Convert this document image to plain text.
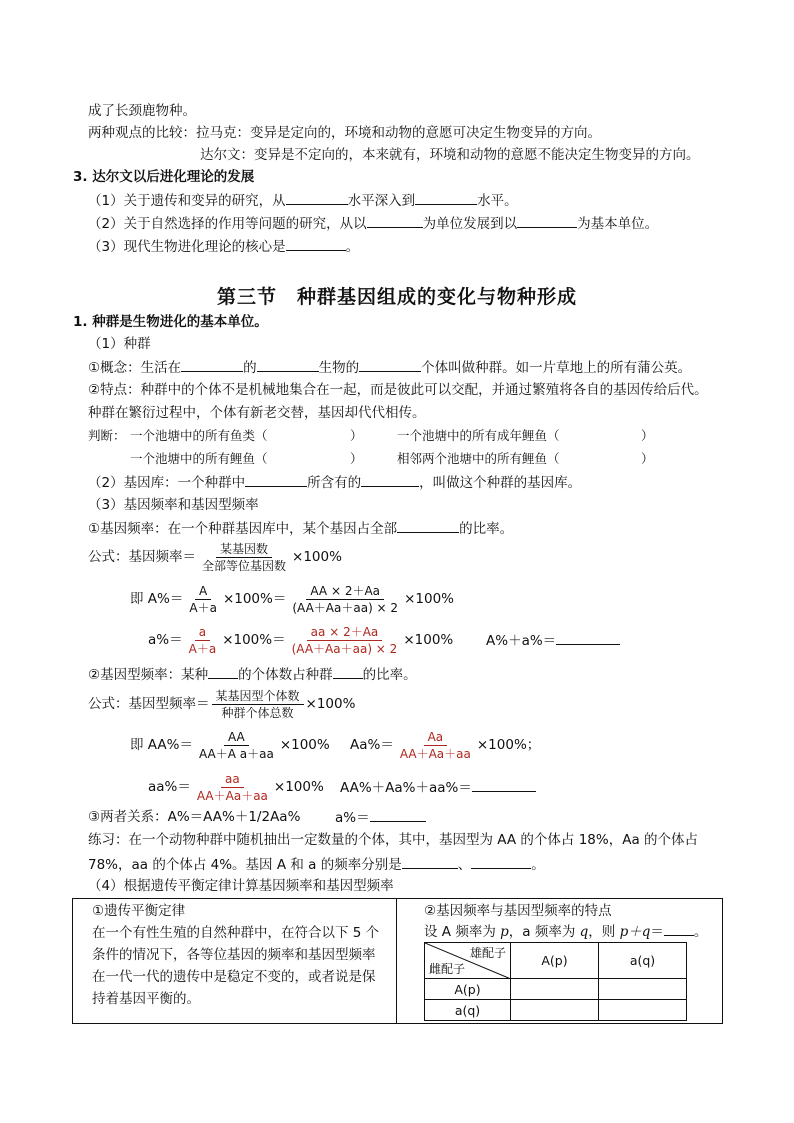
成了长颈鹿物种。
两种观点的比较：拉马克：变异是定向的，环境和动物的意愿可决定生物变异的方向。
达尔文：变异是不定向的，本来就有，环境和动物的意愿不能决定生物变异的方向。
3. 达尔文以后进化理论的发展
（1）关于遗传和变异的研究，从	水平深入到	水平。
（2）关于自然选择的作用等问题的研究，从以	为单位发展到以	为基本单位。
（3）现代生物进化理论的核心是	。
第三节　种群基因组成的变化与物种形成
1. 种群是生物进化的基本单位。
（1）种群
①概念：生活在	的	生物的	个体叫做种群。如一片草地上的所有蒲公英。
②特点：种群中的个体不是机械地集合在一起，而是彼此可以交配，并通过繁殖将各自的基因传给后代。
种群在繁衍过程中，个体有新老交替，基因却代代相传。
判断： 一个池塘中的所有鱼类（	）	一个池塘中的所有成年鲤鱼（	）
一个池塘中的所有鲤鱼（	）	相邻两个池塘中的所有鲤鱼（	）
（2）基因库：一个种群中	所含有的	，叫做这个种群的基因库。
（3）基因频率和基因型频率
①基因频率：在一个种群基因库中，某个基因占全部	的比率。
公式：基因频率＝ $\frac{\text{某基因数}}{\text{全部等位基因数}} \times 100\%$
即 $A\%= \frac{A}{A+a} \times 100\%= \frac{AA \times 2+Aa}{(AA+Aa+aa) \times 2} \times 100\%$
$a\%= \frac{a}{A+a} \times 100\%= \frac{aa \times 2+Aa}{(AA+Aa+aa) \times 2} \times 100\%$ A%＋a%＝
②基因型频率：某种 的个体数占种群 的比率。
公式：基因型频率＝ $\frac{\text{某基因型个体数}}{\text{种群个体总数}} \times 100\%$
即 $AA\%= \frac{AA}{\text{AA＋A a＋aa}} \times 100\%$ $Aa\%= \frac{Aa}{AA+Aa+aa} \times 100\%$；
$aa\%= \frac{aa}{AA+Aa+aa} \times 100\%$ AA%＋Aa%＋aa%＝
③两者关系：A%＝AA%＋1/2Aa%	a%＝
练习：在一个动物种群中随机抽出一定数量的个体，其中，基因型为 AA 的个体占 18%，Aa 的个体占
78%，aa 的个体占 4%。基因 A 和 a 的频率分别是	、	。
（4）根据遗传平衡定律计算基因频率和基因型频率
①遗传平衡定律
在一个有性生殖的自然种群中，在符合以下 5 个
条件的情况下，各等位基因的频率和基因型频率
在一代一代的遗传中是稳定不变的，或者说是保
持着基因平衡的。
②基因频率与基因型频率的特点
设 A 频率为 p，a 频率为 q，则 p＋q＝ 。
雄配子
雌配子	A(p)	a(q)
A(p)		
a(q)		
